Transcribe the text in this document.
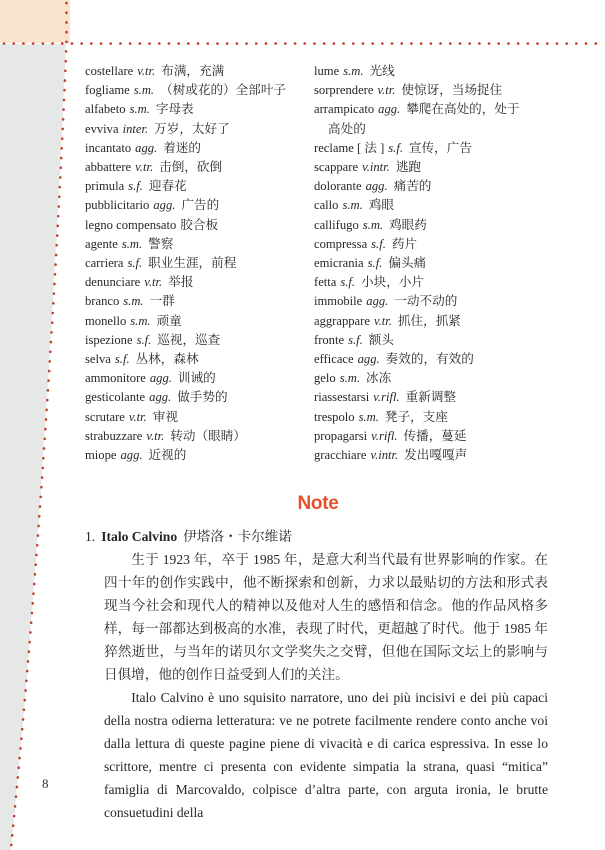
costellare v.tr. 布满，充满
fogliame s.m. （树或花的）全部叶子
alfabeto s.m. 字母表
evviva inter. 万岁，太好了
incantato agg. 着迷的
abbattere v.tr. 击倒，砍倒
primula s.f. 迎春花
pubblicitario agg. 广告的
legno compensato 胶合板
agente s.m. 警察
carriera s.f. 职业生涯，前程
denunciare v.tr. 举报
branco s.m. 一群
monello s.m. 顽童
ispezione s.f. 巡视，巡查
selva s.f. 丛林，森林
ammonitore agg. 训诫的
gesticolante agg. 做手势的
scrutare v.tr. 审视
strabuzzare v.tr. 转动（眼睛）
miope agg. 近视的
lume s.m. 光线
sorprendere v.tr. 使惊讶，当场捉住
arrampicato agg. 攀爬在高处的，处于
高处的
reclame [ 法 ] s.f. 宣传，广告
scappare v.intr. 逃跑
dolorante agg. 痛苦的
callo s.m. 鸡眼
callifugo s.m. 鸡眼药
compressa s.f. 药片
emicrania s.f. 偏头痛
fetta s.f. 小块，小片
immobile agg. 一动不动的
aggrappare v.tr. 抓住，抓紧
fronte s.f. 额头
efficace agg. 奏效的，有效的
gelo s.m. 冰冻
riassestarsi v.rifl. 重新调整
trespolo s.m. 凳子，支座
propagarsi v.rifl. 传播，蔓延
gracchiare v.intr. 发出嘎嘎声
Note
1. Italo Calvino 伊塔洛・卡尔维诺

生于 1923 年，卒于 1985 年，是意大利当代最有世界影响的作家。在四十年的创作实践中，他不断探索和创新，力求以最贴切的方法和形式表现当今社会和现代人的精神以及他对人生的感悟和信念。他的作品风格多样，每一部都达到极高的水准，表现了时代，更超越了时代。他于 1985 年猝然逝世，与当年的诺贝尔文学奖失之交臂，但他在国际文坛上的影响与日俱增，他的创作日益受到人们的关注。

Italo Calvino è uno squisito narratore, uno dei più incisivi e dei più capaci della nostra odierna letteratura: ve ne potrete facilmente rendere conto anche voi dalla lettura di queste pagine piene di vivacità e di carica espressiva. In esse lo scrittore, mentre ci presenta con evidente simpatia la strana, quasi “mitica” famiglia di Marcovaldo, colpisce d’altra parte, con arguta ironia, le brutte consuetudini della

8
